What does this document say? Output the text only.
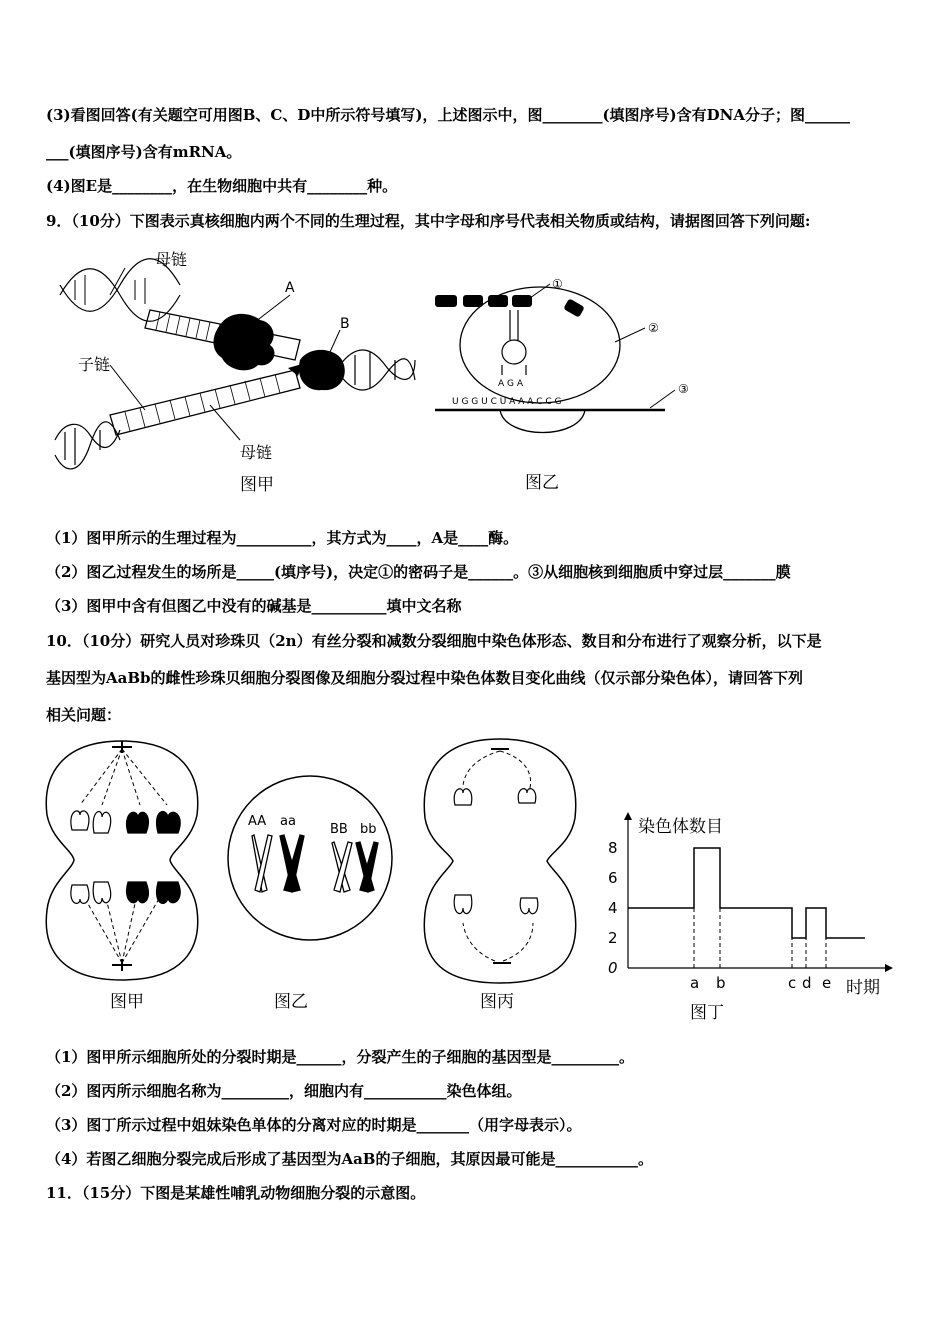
(3)看图回答(有关题空可用图B、C、D中所示符号填写)，上述图示中，图________(填图序号)含有DNA分子；图______
___(填图序号)含有mRNA。
(4)图E是________，在生物细胞中共有________种。
9．（10分）下图表示真核细胞内两个不同的生理过程，其中字母和序号代表相关物质或结构，请据图回答下列问题:
母链
A
B
子链
母链
图甲
A G A
U G G U C U A A A C C G
①
②
③
图乙
（1）图甲所示的生理过程为__________，其方式为____，A是____酶。
（2）图乙过程发生的场所是_____(填序号)，决定①的密码子是______。③从细胞核到细胞质中穿过层_______膜
（3）图甲中含有但图乙中没有的碱基是__________填中文名称
10．（10分）研究人员对珍珠贝（2n）有丝分裂和减数分裂细胞中染色体形态、数目和分布进行了观察分析，以下是
基因型为AaBb的雌性珍珠贝细胞分裂图像及细胞分裂过程中染色体数目变化曲线（仅示部分染色体），请回答下列
相关问题：
图甲
AA aa
BB bb
图乙	图丙
染色体数目
时期
8
6
4
2
0
a b	c d e
图丁
（1）图甲所示细胞所处的分裂时期是______，分裂产生的子细胞的基因型是_________。
（2）图丙所示细胞名称为_________，细胞内有___________染色体组。
（3）图丁所示过程中姐妹染色单体的分离对应的时期是_______（用字母表示）。
（4）若图乙细胞分裂完成后形成了基因型为AaB的子细胞，其原因最可能是___________。
11．（15分）下图是某雄性哺乳动物细胞分裂的示意图。
